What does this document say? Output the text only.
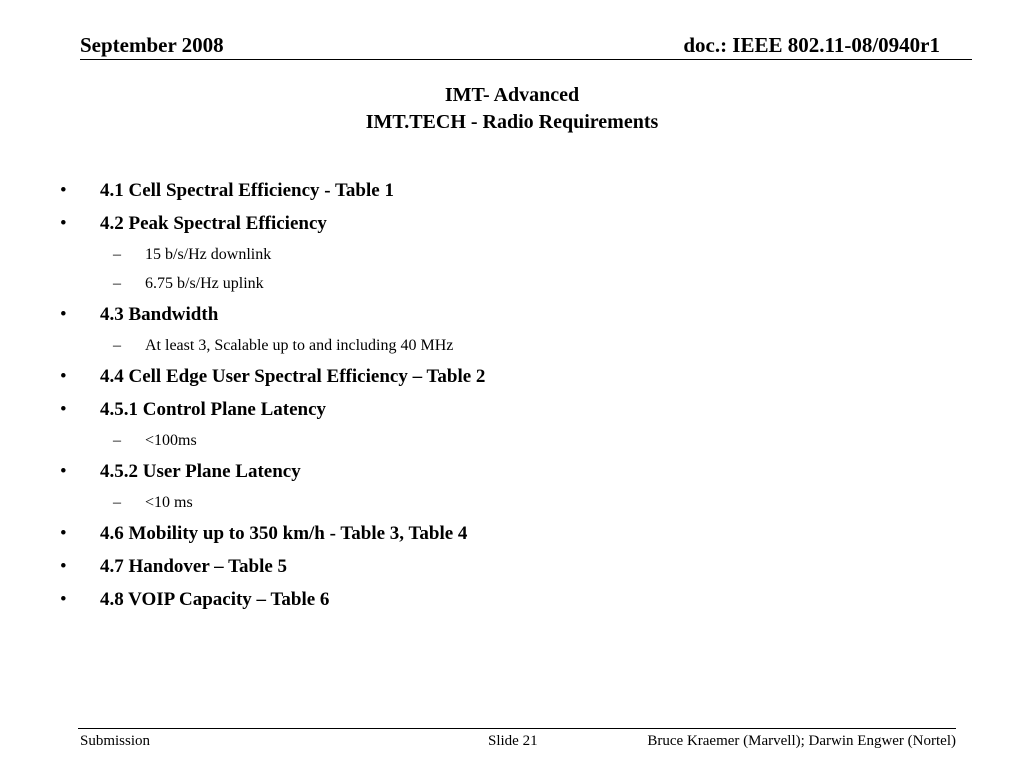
September 2008	doc.: IEEE 802.11-08/0940r1
IMT- Advanced
IMT.TECH - Radio Requirements
• 4.1 Cell Spectral Efficiency - Table 1
• 4.2 Peak Spectral Efficiency
– 15 b/s/Hz downlink
– 6.75 b/s/Hz uplink
• 4.3 Bandwidth
– At least 3, Scalable up to and including 40 MHz
• 4.4 Cell Edge User Spectral Efficiency – Table 2
• 4.5.1 Control Plane Latency
– <100ms
• 4.5.2 User Plane Latency
– <10 ms
• 4.6 Mobility up to 350 km/h - Table 3, Table 4
• 4.7 Handover – Table 5
• 4.8 VOIP Capacity – Table 6
Submission	Slide 21	Bruce Kraemer (Marvell); Darwin Engwer (Nortel)
